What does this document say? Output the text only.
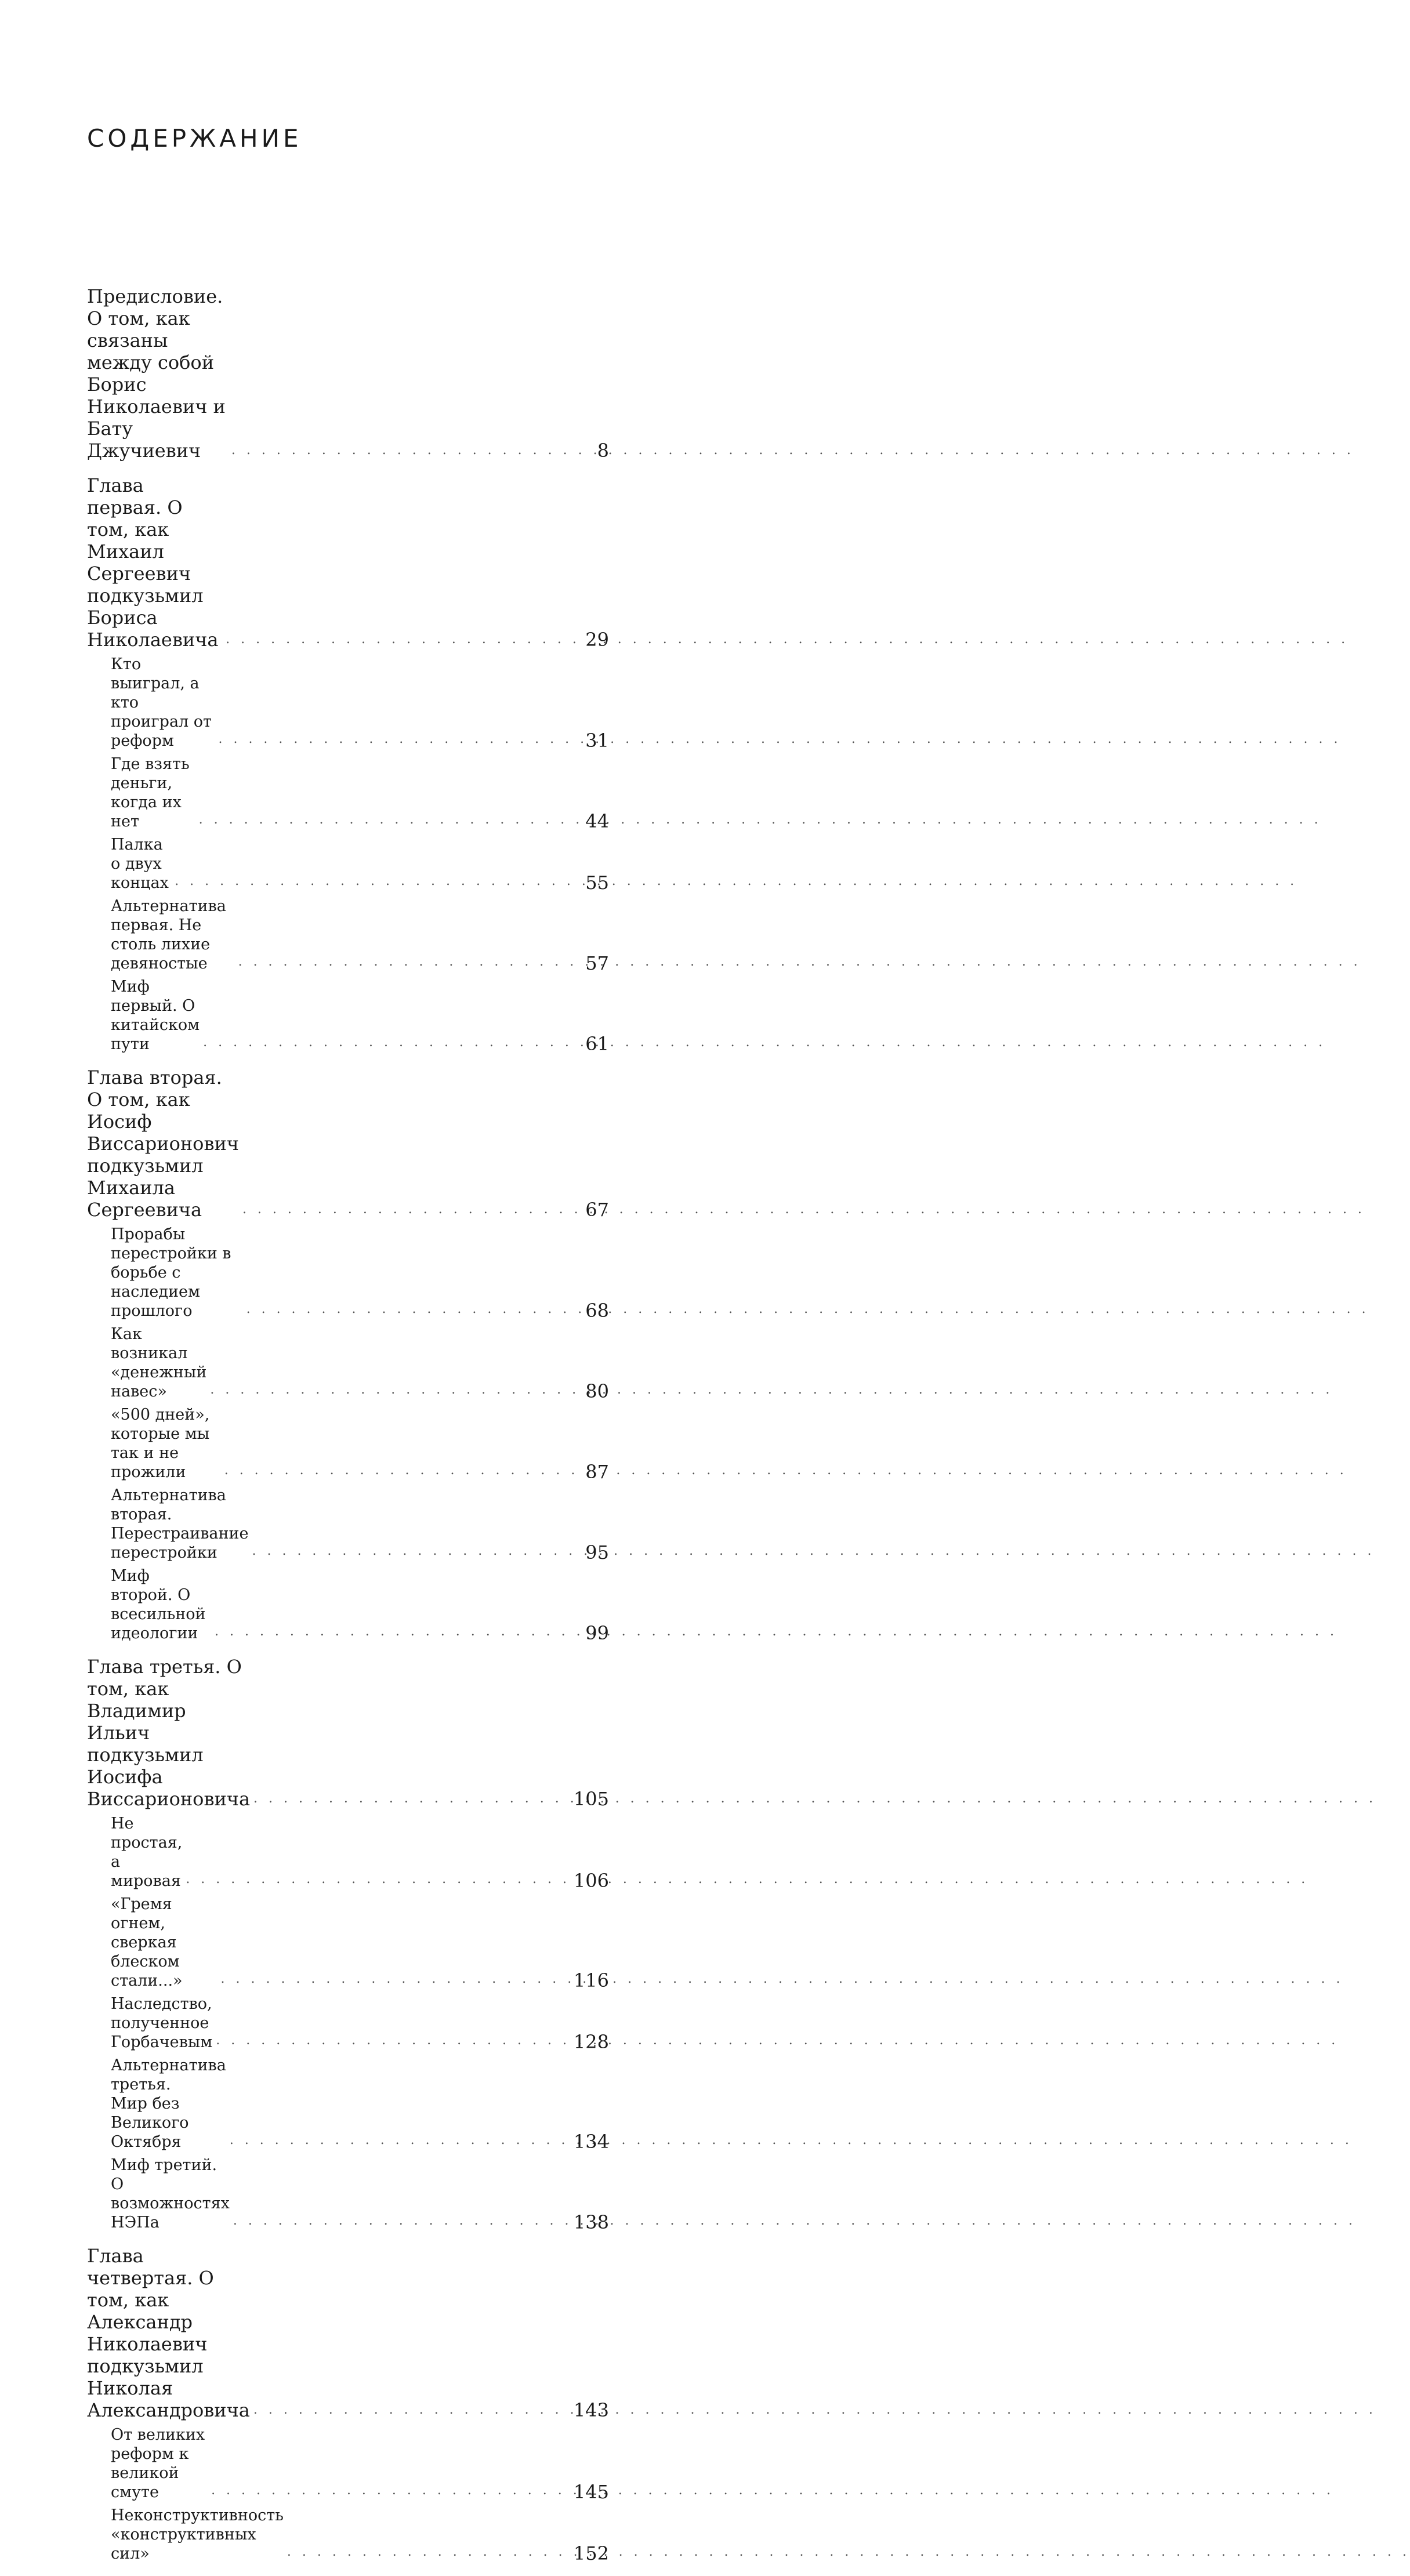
СОДЕРЖАНИЕ
Предисловие. О том, как связаны между собой
Борис Николаевич и Бату Джучиевич . . .	8
Глава первая. О том, как Михаил Сергеевич
подкузьмил Бориса Николаевича . . .	29
Кто выиграл, а кто проиграл от реформ . . .	31
Где взять деньги, когда их нет . . .	44
Палка о двух концах . . .	55
Альтернатива первая. Не столь лихие девяностые . . .	57
Миф первый. О китайском пути . . .	61
Глава вторая. О том, как Иосиф Виссарионович
подкузьмил Михаила Сергеевича . . .	67
Прорабы перестройки в борьбе с наследием прошлого . . .	68
Как возникал «денежный навес» . . .	80
«500 дней», которые мы так и не прожили . . .	87
Альтернатива вторая. Перестраивание перестройки . . .	95
Миф второй. О всесильной идеологии . . .	99
Глава третья. О том, как Владимир Ильич
подкузьмил Иосифа Виссарионовича . . .	105
Не простая, а мировая . . .	106
«Гремя огнем, сверкая блеском стали...» . . .	116
Наследство, полученное Горбачевым . . .	128
Альтернатива третья.
Мир без Великого Октября . . .	134
Миф третий. О возможностях НЭПа . . .	138
Глава четвертая. О том, как Александр Николаевич
подкузьмил Николая Александровича . . .	143
От великих реформ к великой смуте . . .	145
Неконструктивность «конструктивных сил» . . .	152
